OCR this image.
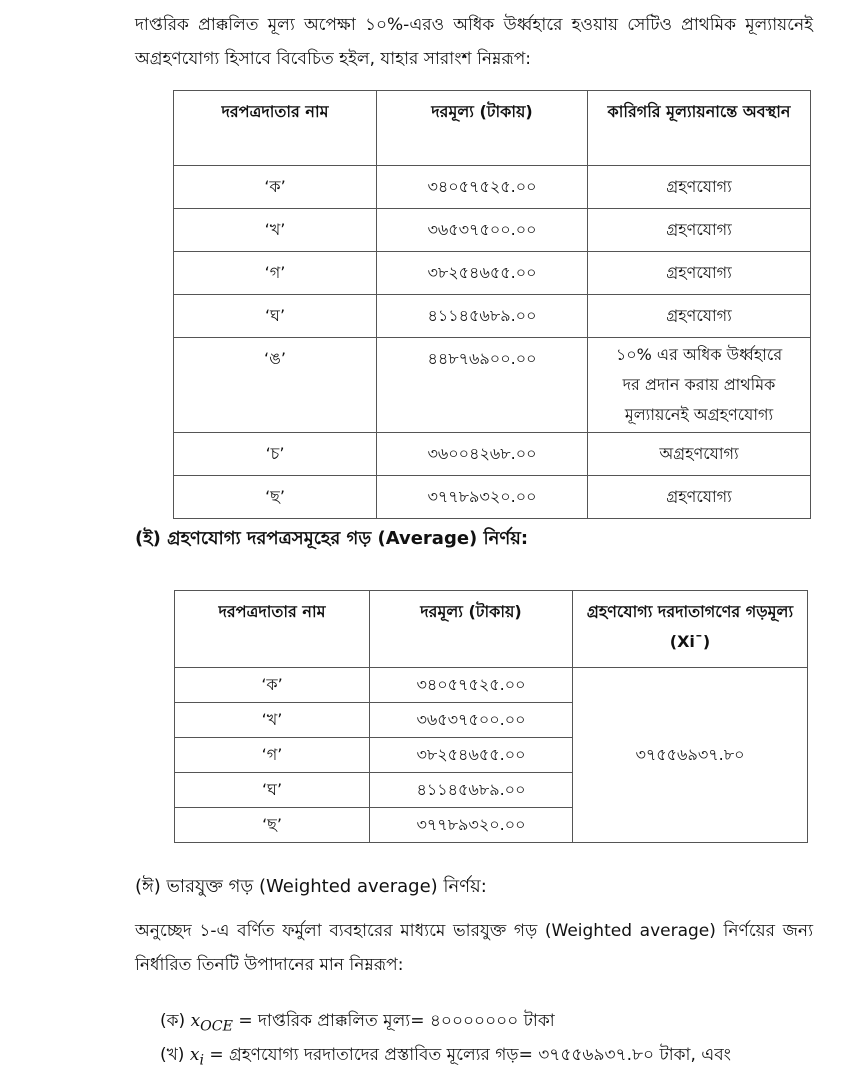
দাপ্তরিক প্রাক্কলিত মূল্য অপেক্ষা ১০%-এরও অধিক উর্ধ্বহারে হওয়ায় সেটিও প্রাথমিক মূল্যায়নেই অগ্রহণযোগ্য হিসাবে বিবেচিত হইল, যাহার সারাংশ নিম্নরূপ:
দরপত্রদাতার নাম	দরমূল্য (টাকায়)	কারিগরি মূল্যায়নান্তে অবস্থান
‘ক’	৩৪০৫৭৫২৫.০০	গ্রহণযোগ্য
‘খ’	৩৬৫৩৭৫০০.০০	গ্রহণযোগ্য
‘গ’	৩৮২৫৪৬৫৫.০০	গ্রহণযোগ্য
‘ঘ’	৪১১৪৫৬৮৯.০০	গ্রহণযোগ্য
‘ঙ’	৪৪৮৭৬৯০০.০০	১০% এর অধিক উর্ধ্বহারে দর প্রদান করায় প্রাথমিক মূল্যায়নেই অগ্রহণযোগ্য
‘চ’	৩৬০০৪২৬৮.০০	অগ্রহণযোগ্য
‘ছ’	৩৭৭৮৯৩২০.০০	গ্রহণযোগ্য
(ই) গ্রহণযোগ্য দরপত্রসমূহের গড় (Average) নির্ণয়:
দরপত্রদাতার নাম	দরমূল্য (টাকায়)	গ্রহণযোগ্য দরদাতাগণের গড়মূল্য (Xi¯)
‘ক’	৩৪০৫৭৫২৫.০০	৩৭৫৫৬৯৩৭.৮০
‘খ’	৩৬৫৩৭৫০০.০০	
‘গ’	৩৮২৫৪৬৫৫.০০	
‘ঘ’	৪১১৪৫৬৮৯.০০	
‘ছ’	৩৭৭৮৯৩২০.০০	
(ঈ) ভারযুক্ত গড় (Weighted average) নির্ণয়:
অনুচ্ছেদ ১-এ বর্ণিত ফর্মুলা ব্যবহারের মাধ্যমে ভারযুক্ত গড় (Weighted average) নির্ণয়ের জন্য নির্ধারিত তিনটি উপাদানের মান নিম্নরূপ:
(ক) $x_{OCE}$ = দাপ্তরিক প্রাক্কলিত মূল্য= ৪০০০০০০০ টাকা
(খ) $x_i$ = গ্রহণযোগ্য দরদাতাদের প্রস্তাবিত মূল্যের গড়= ৩৭৫৫৬৯৩৭.৮০ টাকা, এবং
